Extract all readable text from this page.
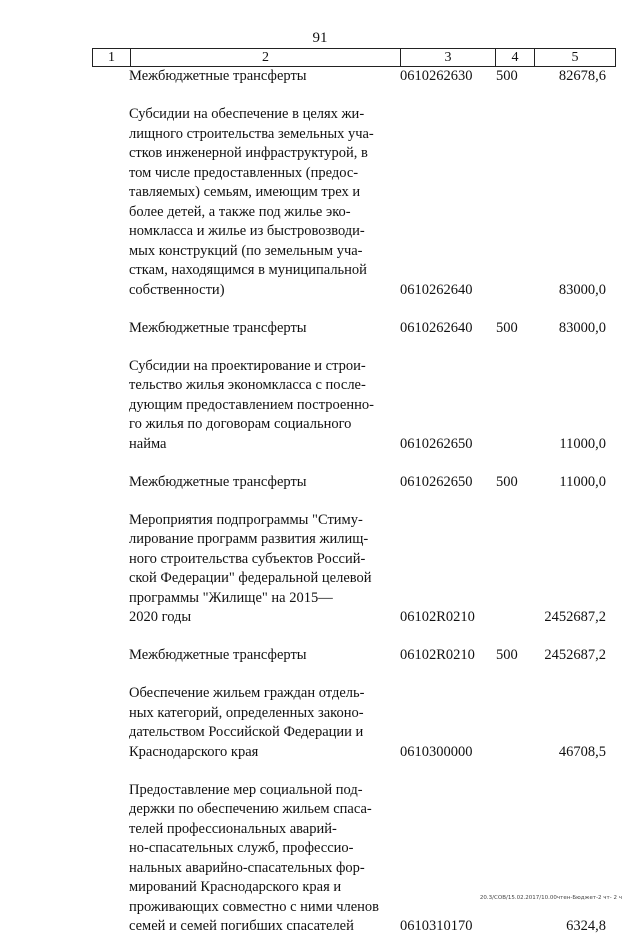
91
1	2	3	4	5
Межбюджетные трансферты	0610262630 500	82678,6
Субсидии на обеспечение в целях жи-
лищного строительства земельных уча-
стков инженерной инфраструктурой, в
том числе предоставленных (предос-
тавляемых) семьям, имеющим трех и
более детей, а также под жилье эко-
номкласса и жилье из быстровозводи-
мых конструкций (по земельным уча-
сткам, находящимся в муниципальной
собственности)	0610262640	83000,0
Межбюджетные трансферты	0610262640 500	83000,0
Субсидии на проектирование и строи-
тельство жилья экономкласса с после-
дующим предоставлением построенно-
го жилья по договорам социального
найма	0610262650	11000,0
Межбюджетные трансферты	0610262650 500	11000,0
Мероприятия подпрограммы "Стиму-
лирование программ развития жилищ-
ного строительства субъектов Россий-
ской Федерации" федеральной целевой
программы "Жилище" на 2015—
2020 годы	06102R0210	2452687,2
Межбюджетные трансферты	06102R0210 500 2452687,2
Обеспечение жильем граждан отдель-
ных категорий, определенных законо-
дательством Российской Федерации и
Краснодарского края	0610300000	46708,5
Предоставление мер социальной под-
держки по обеспечению жильем спаса-
телей профессиональных аварий-
но-спасательных служб, профессио-
нальных аварийно-спасательных фор-
мирований Краснодарского края и
проживающих совместно с ними членов
семей и семей погибших спасателей	0610310170	6324,8
20.3/СОВ/15.02.2017/10.00чтен-Бюджет-2 чт- 2 ч
